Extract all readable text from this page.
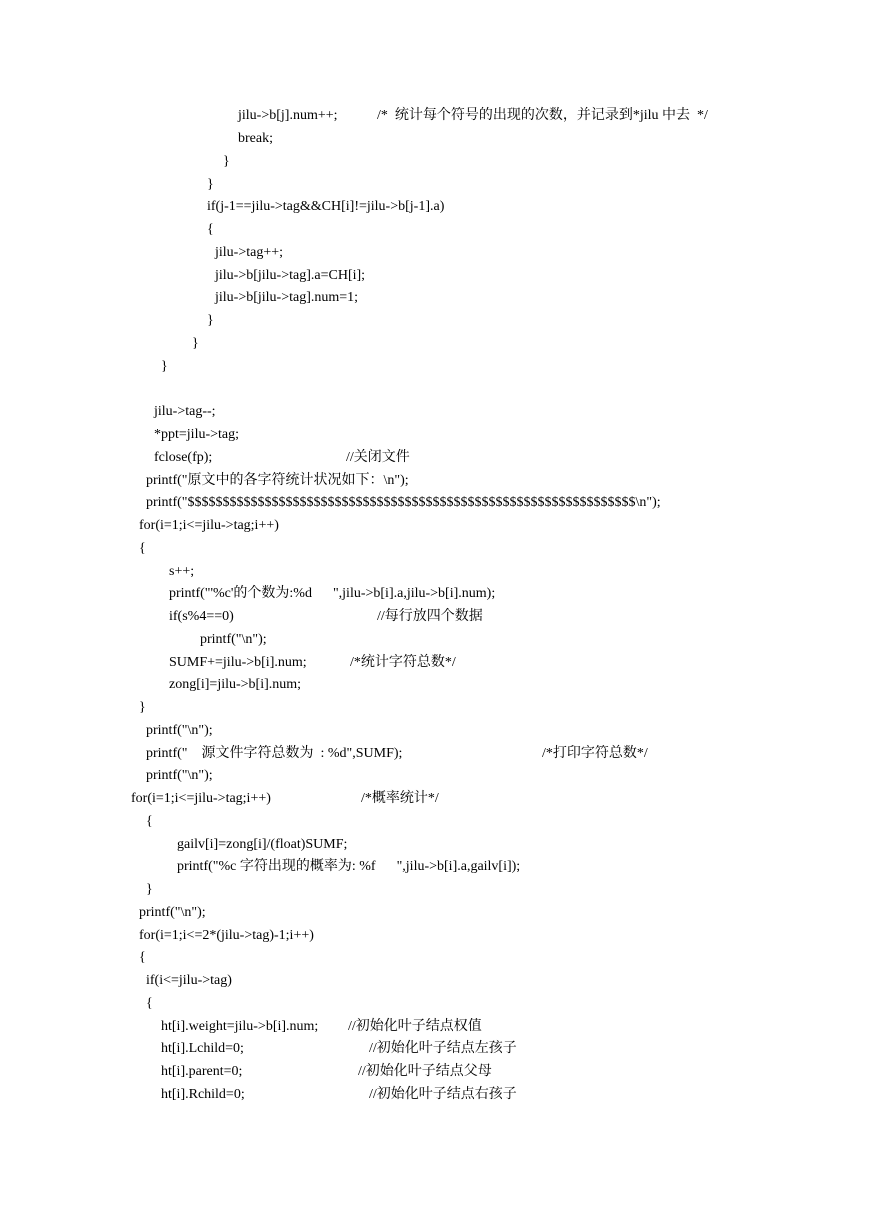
jilu->b[j].num++;	/*  统计每个符号的出现的次数，并记录到*jilu 中去  */
break;
}
}
if(j-1==jilu->tag&&CH[i]!=jilu->b[j-1].a)
{
jilu->tag++;
jilu->b[jilu->tag].a=CH[i];
jilu->b[jilu->tag].num=1;
}
}
}
jilu->tag--;
*ppt=jilu->tag;
fclose(fp);	//关闭文件
printf("原文中的各字符统计状况如下：\n");
printf("$$$$$$$$$$$$$$$$$$$$$$$$$$$$$$$$$$$$$$$$$$$$$$$$$$$$$$$$$$$$$$$$\n");
for(i=1;i<=jilu->tag;i++)
{
s++;
printf("'%c'的个数为:%d      ",jilu->b[i].a,jilu->b[i].num);
if(s%4==0)	//每行放四个数据
printf("\n");
SUMF+=jilu->b[i].num;	/*统计字符总数*/
zong[i]=jilu->b[i].num;
}
printf("\n");
printf("    源文件字符总数为  : %d",SUMF);	/*打印字符总数*/
printf("\n");
for(i=1;i<=jilu->tag;i++)	/*概率统计*/
{
gailv[i]=zong[i]/(float)SUMF;
printf("%c 字符出现的概率为: %f      ",jilu->b[i].a,gailv[i]);
}
printf("\n");
for(i=1;i<=2*(jilu->tag)-1;i++)
{
if(i<=jilu->tag)
{
ht[i].weight=jilu->b[i].num; //初始化叶子结点权值
ht[i].Lchild=0;	//初始化叶子结点左孩子
ht[i].parent=0;	//初始化叶子结点父母
ht[i].Rchild=0;	//初始化叶子结点右孩子
